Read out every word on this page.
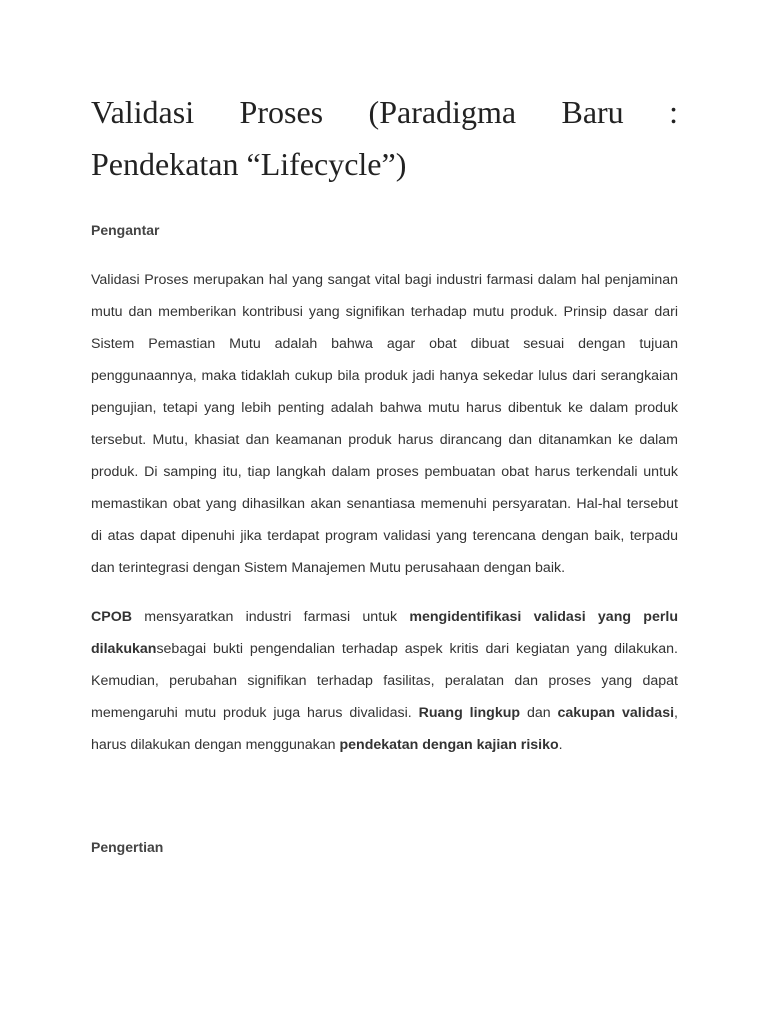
Validasi Proses (Paradigma Baru : Pendekatan “Lifecycle”)
Pengantar

Validasi Proses merupakan hal yang sangat vital bagi industri farmasi dalam hal penjaminan mutu dan memberikan kontribusi yang signifikan terhadap mutu produk. Prinsip dasar dari Sistem Pemastian Mutu adalah bahwa agar obat dibuat sesuai dengan tujuan penggunaannya, maka tidaklah cukup bila produk jadi hanya sekedar lulus dari serangkaian pengujian, tetapi yang lebih penting adalah bahwa mutu harus dibentuk ke dalam produk tersebut. Mutu, khasiat dan keamanan produk harus dirancang dan ditanamkan ke dalam produk. Di samping itu, tiap langkah dalam proses pembuatan obat harus terkendali untuk memastikan obat yang dihasilkan akan senantiasa memenuhi persyaratan. Hal-hal tersebut di atas dapat dipenuhi jika terdapat program validasi yang terencana dengan baik, terpadu dan terintegrasi dengan Sistem Manajemen Mutu perusahaan dengan baik.

CPOB mensyaratkan industri farmasi untuk mengidentifikasi validasi yang perlu dilakukansebagai bukti pengendalian terhadap aspek kritis dari kegiatan yang dilakukan. Kemudian, perubahan signifikan terhadap fasilitas, peralatan dan proses yang dapat memengaruhi mutu produk juga harus divalidasi. Ruang lingkup dan cakupan validasi, harus dilakukan dengan menggunakan pendekatan dengan kajian risiko.

Pengertian
